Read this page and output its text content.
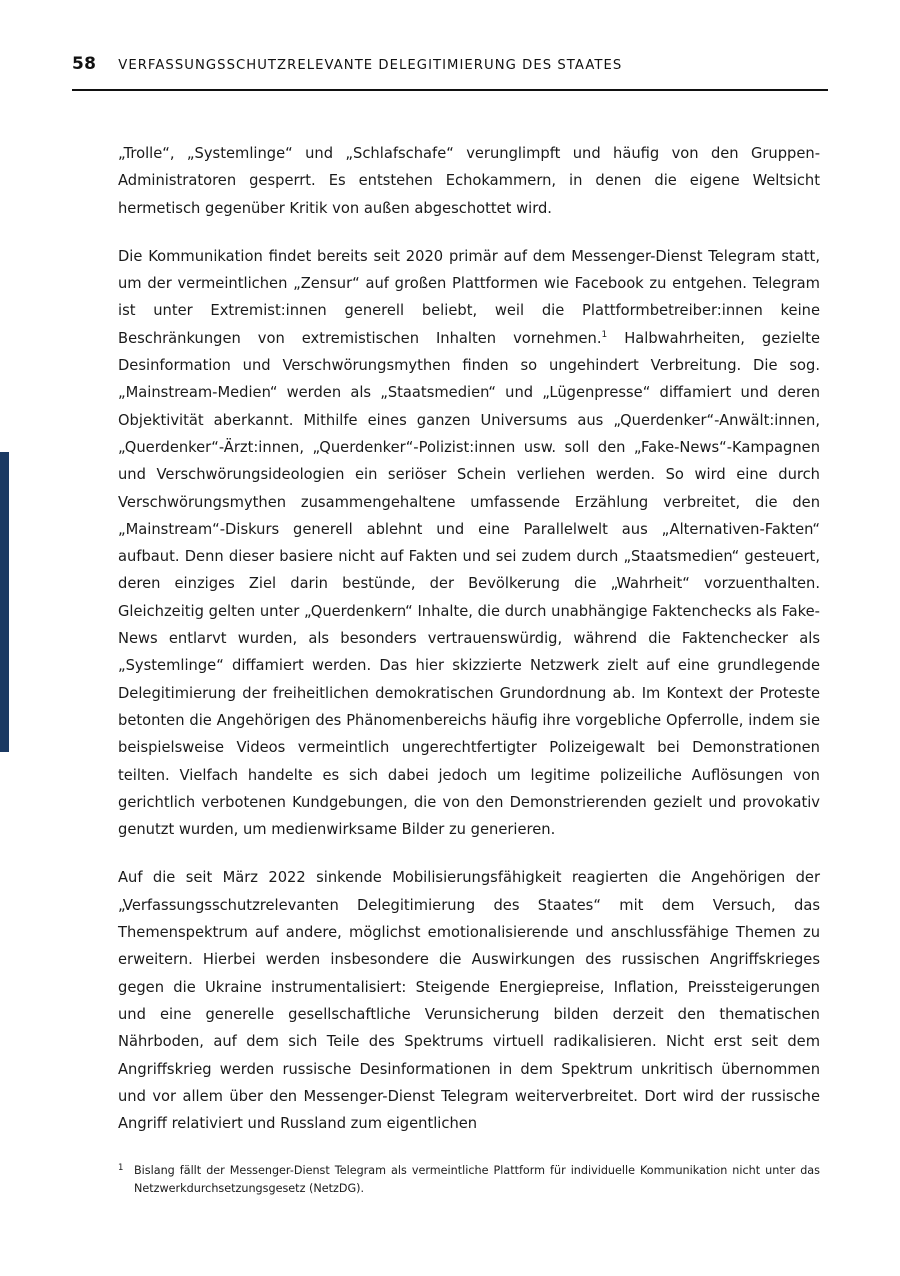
58 VERFASSUNGSSCHUTZRELEVANTE DELEGITIMIERUNG DES STAATES

„Trolle“, „Systemlinge“ und „Schlafschafe“ verunglimpft und häufig von den Gruppen-Administratoren gesperrt. Es entstehen Echokammern, in denen die eigene Weltsicht hermetisch gegenüber Kritik von außen abgeschottet wird.

Die Kommunikation findet bereits seit 2020 primär auf dem Messenger-Dienst Telegram statt, um der vermeintlichen „Zensur“ auf großen Plattformen wie Facebook zu entgehen. Telegram ist unter Extremist:innen generell beliebt, weil die Plattformbetreiber:innen keine Beschränkungen von extremistischen Inhalten vornehmen.$^1$ Halbwahrheiten, gezielte Desinformation und Verschwörungsmythen finden so ungehindert Verbreitung. Die sog. „Mainstream-Medien“ werden als „Staatsmedien“ und „Lügenpresse“ diffamiert und deren Objektivität aberkannt. Mithilfe eines ganzen Universums aus „Querdenker“-Anwält:innen, „Querdenker“-Ärzt:innen, „Querdenker“-Polizist:innen usw. soll den „Fake-News“-Kampagnen und Verschwörungsideologien ein seriöser Schein verliehen werden. So wird eine durch Verschwörungsmythen zusammengehaltene umfassende Erzählung verbreitet, die den „Mainstream“-Diskurs generell ablehnt und eine Parallelwelt aus „Alternativen-Fakten“ aufbaut. Denn dieser basiere nicht auf Fakten und sei zudem durch „Staatsmedien“ gesteuert, deren einziges Ziel darin bestünde, der Bevölkerung die „Wahrheit“ vorzuenthalten. Gleichzeitig gelten unter „Querdenkern“ Inhalte, die durch unabhängige Faktenchecks als Fake-News entlarvt wurden, als besonders vertrauenswürdig, während die Faktenchecker als „Systemlinge“ diffamiert werden. Das hier skizzierte Netzwerk zielt auf eine grundlegende Delegitimierung der freiheitlichen demokratischen Grundordnung ab. Im Kontext der Proteste betonten die Angehörigen des Phänomenbereichs häufig ihre vorgebliche Opferrolle, indem sie beispielsweise Videos vermeintlich ungerechtfertigter Polizeigewalt bei Demonstrationen teilten. Vielfach handelte es sich dabei jedoch um legitime polizeiliche Auflösungen von gerichtlich verbotenen Kundgebungen, die von den Demonstrierenden gezielt und provokativ genutzt wurden, um medienwirksame Bilder zu generieren.

Auf die seit März 2022 sinkende Mobilisierungsfähigkeit reagierten die Angehörigen der „Verfassungsschutzrelevanten Delegitimierung des Staates“ mit dem Versuch, das Themenspektrum auf andere, möglichst emotionalisierende und anschlussfähige Themen zu erweitern. Hierbei werden insbesondere die Auswirkungen des russischen Angriffskrieges gegen die Ukraine instrumentalisiert: Steigende Energiepreise, Inflation, Preissteigerungen und eine generelle gesellschaftliche Verunsicherung bilden derzeit den thematischen Nährboden, auf dem sich Teile des Spektrums virtuell radikalisieren. Nicht erst seit dem Angriffskrieg werden russische Desinformationen in dem Spektrum unkritisch übernommen und vor allem über den Messenger-Dienst Telegram weiterverbreitet. Dort wird der russische Angriff relativiert und Russland zum eigentlichen

1 Bislang fällt der Messenger-Dienst Telegram als vermeintliche Plattform für individuelle Kommunikation nicht unter das Netzwerkdurchsetzungsgesetz (NetzDG).
